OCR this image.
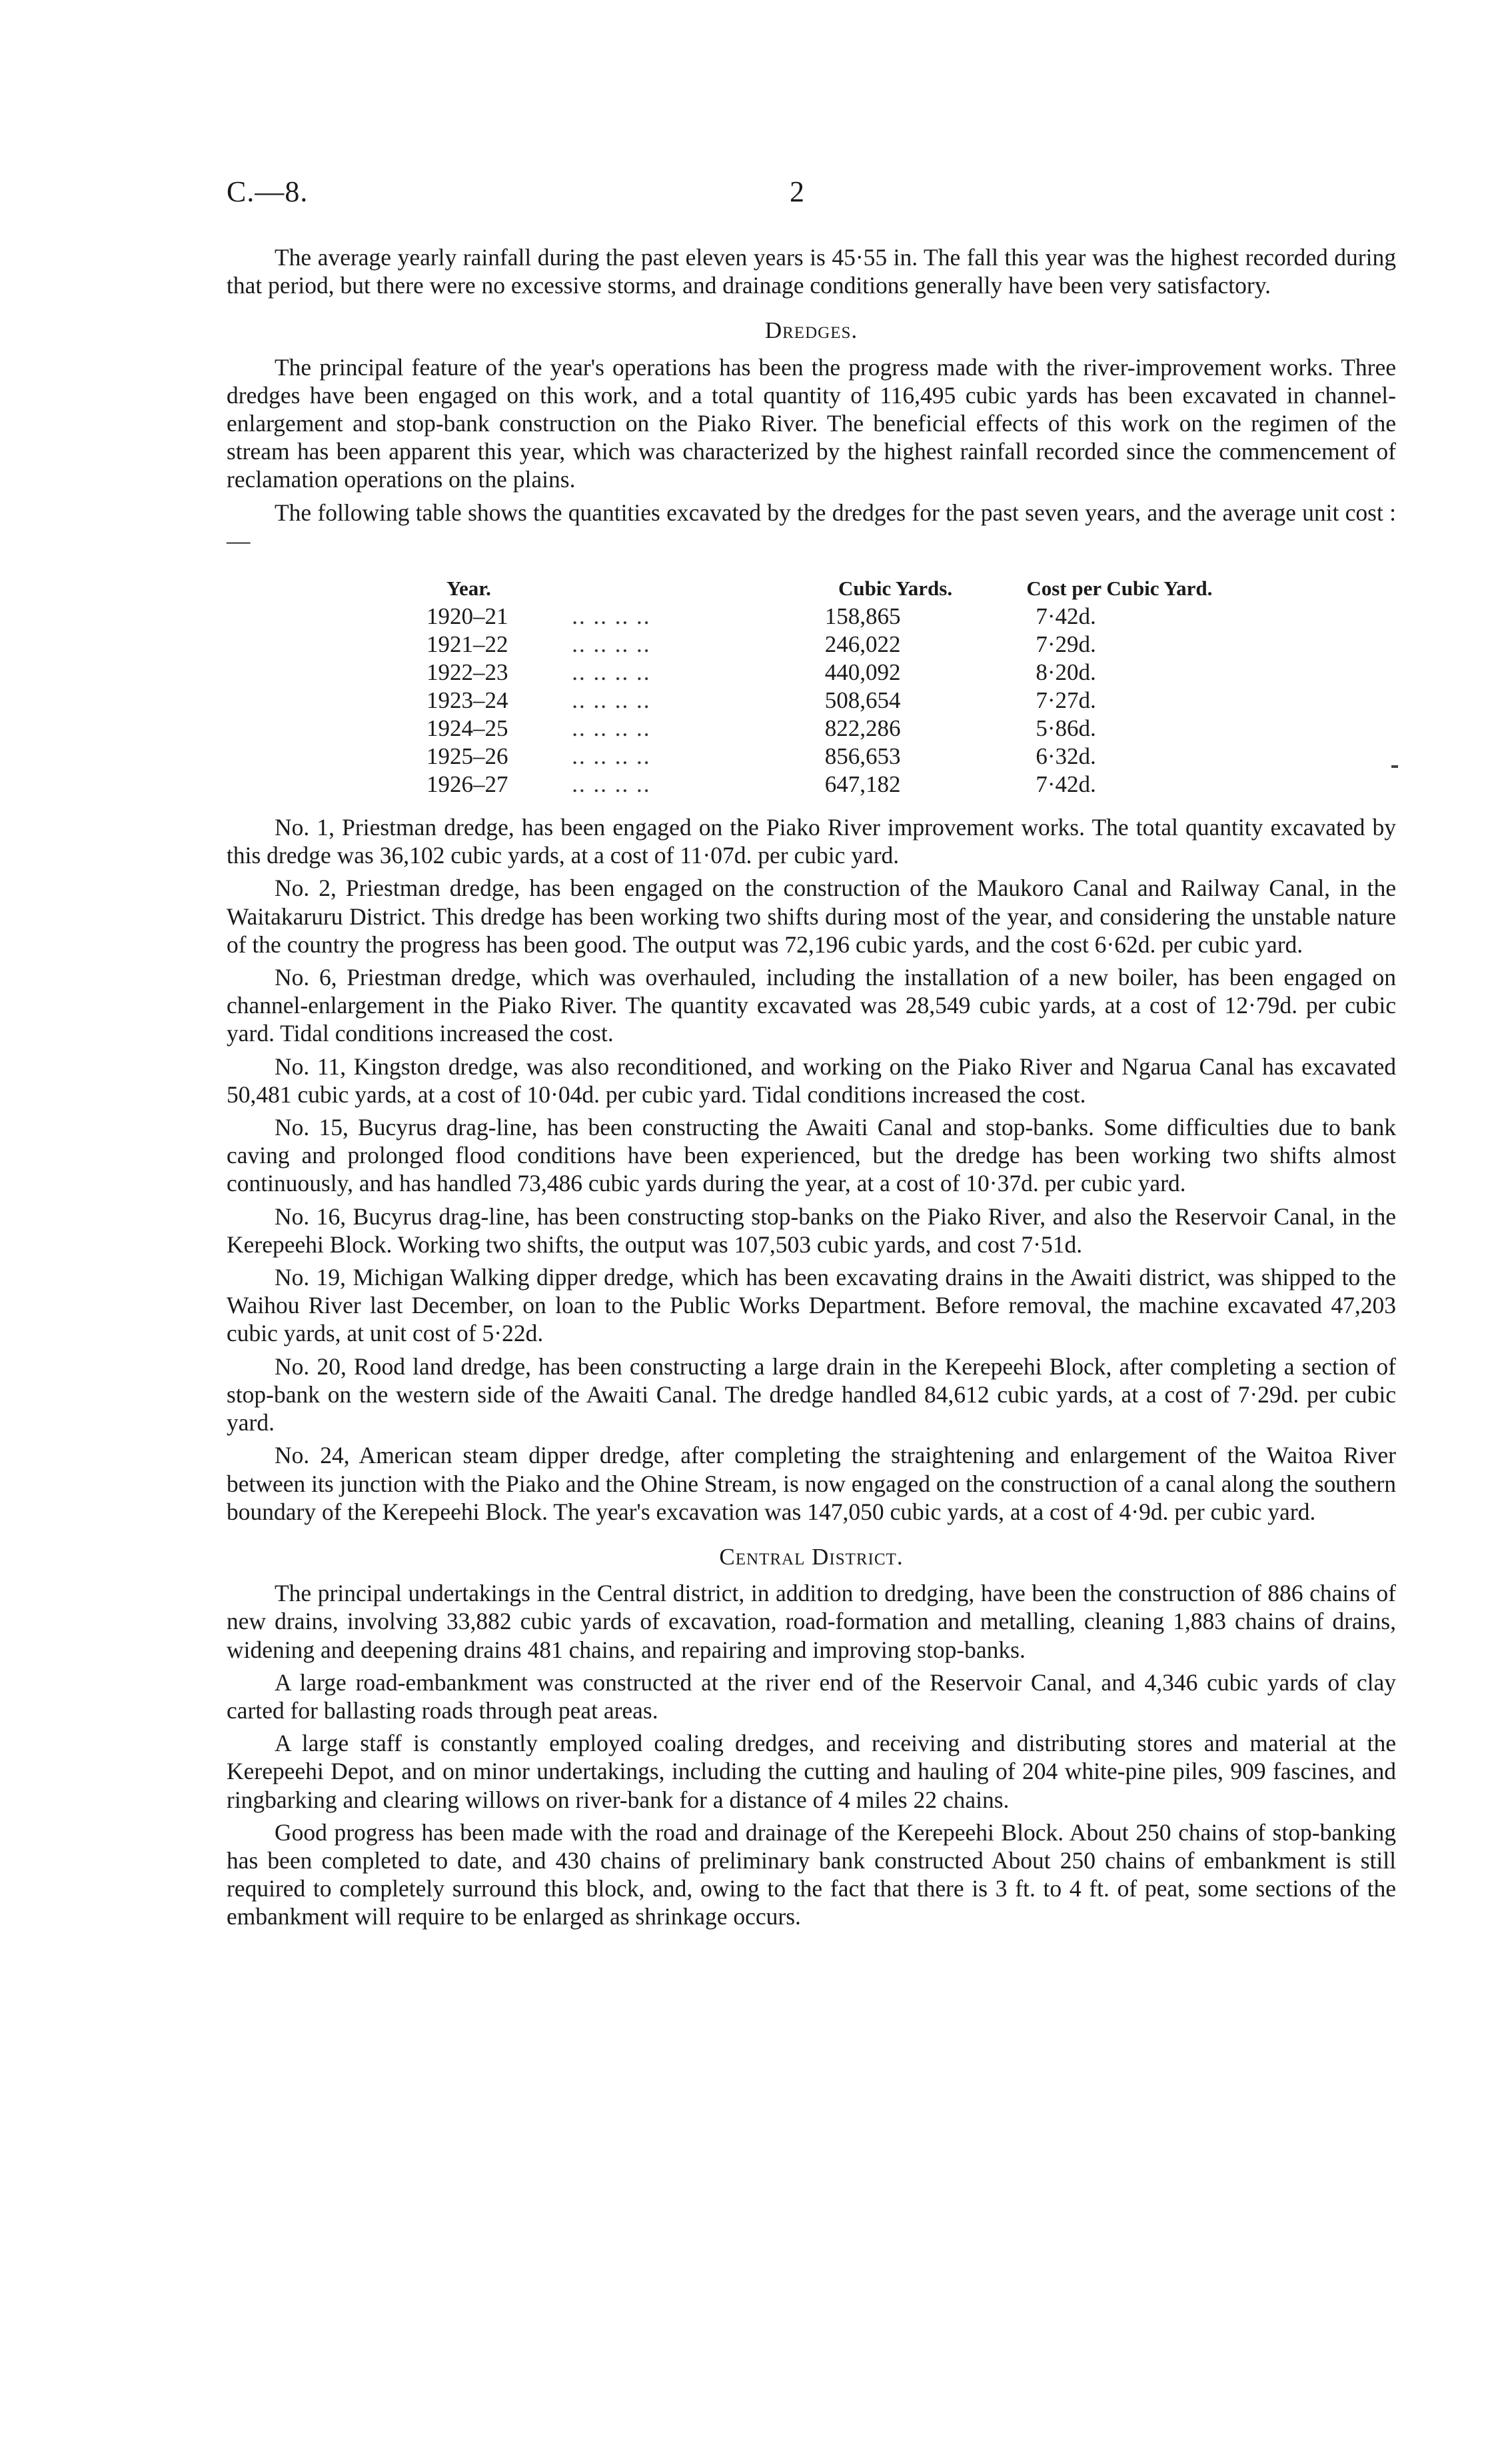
C.—8.	2

The average yearly rainfall during the past eleven years is 45·55 in. The fall this year was the highest recorded during that period, but there were no excessive storms, and drainage conditions generally have been very satisfactory.

Dredges.

The principal feature of the year's operations has been the progress made with the river-improvement works. Three dredges have been engaged on this work, and a total quantity of 116,495 cubic yards has been excavated in channel-enlargement and stop-bank construction on the Piako River. The beneficial effects of this work on the regimen of the stream has been apparent this year, which was characterized by the highest rainfall recorded since the commencement of reclamation operations on the plains.

The following table shows the quantities excavated by the dredges for the past seven years, and the average unit cost :—

Year.	Cubic Yards.	Cost per Cubic Yard.
1920–21	.. .. .. ..	158,865	7·42d.
1921–22	.. .. .. ..	246,022	7·29d.
1922–23	.. .. .. ..	440,092	8·20d.
1923–24	.. .. .. ..	508,654	7·27d.
1924–25	.. .. .. ..	822,286	5·86d.
1925–26	.. .. .. ..	856,653	6·32d.
1926–27	.. .. .. ..	647,182	7·42d.

No. 1, Priestman dredge, has been engaged on the Piako River improvement works. The total quantity excavated by this dredge was 36,102 cubic yards, at a cost of 11·07d. per cubic yard.

No. 2, Priestman dredge, has been engaged on the construction of the Maukoro Canal and Railway Canal, in the Waitakaruru District. This dredge has been working two shifts during most of the year, and considering the unstable nature of the country the progress has been good. The output was 72,196 cubic yards, and the cost 6·62d. per cubic yard.

No. 6, Priestman dredge, which was overhauled, including the installation of a new boiler, has been engaged on channel-enlargement in the Piako River. The quantity excavated was 28,549 cubic yards, at a cost of 12·79d. per cubic yard. Tidal conditions increased the cost.

No. 11, Kingston dredge, was also reconditioned, and working on the Piako River and Ngarua Canal has excavated 50,481 cubic yards, at a cost of 10·04d. per cubic yard. Tidal conditions increased the cost.

No. 15, Bucyrus drag-line, has been constructing the Awaiti Canal and stop-banks. Some difficulties due to bank caving and prolonged flood conditions have been experienced, but the dredge has been working two shifts almost continuously, and has handled 73,486 cubic yards during the year, at a cost of 10·37d. per cubic yard.

No. 16, Bucyrus drag-line, has been constructing stop-banks on the Piako River, and also the Reservoir Canal, in the Kerepeehi Block. Working two shifts, the output was 107,503 cubic yards, and cost 7·51d.

No. 19, Michigan Walking dipper dredge, which has been excavating drains in the Awaiti district, was shipped to the Waihou River last December, on loan to the Public Works Department. Before removal, the machine excavated 47,203 cubic yards, at unit cost of 5·22d.

No. 20, Rood land dredge, has been constructing a large drain in the Kerepeehi Block, after completing a section of stop-bank on the western side of the Awaiti Canal. The dredge handled 84,612 cubic yards, at a cost of 7·29d. per cubic yard.

No. 24, American steam dipper dredge, after completing the straightening and enlargement of the Waitoa River between its junction with the Piako and the Ohine Stream, is now engaged on the construction of a canal along the southern boundary of the Kerepeehi Block. The year's excavation was 147,050 cubic yards, at a cost of 4·9d. per cubic yard.

Central District.

The principal undertakings in the Central district, in addition to dredging, have been the construction of 886 chains of new drains, involving 33,882 cubic yards of excavation, road-formation and metalling, cleaning 1,883 chains of drains, widening and deepening drains 481 chains, and repairing and improving stop-banks.

A large road-embankment was constructed at the river end of the Reservoir Canal, and 4,346 cubic yards of clay carted for ballasting roads through peat areas.

A large staff is constantly employed coaling dredges, and receiving and distributing stores and material at the Kerepeehi Depot, and on minor undertakings, including the cutting and hauling of 204 white-pine piles, 909 fascines, and ringbarking and clearing willows on river-bank for a distance of 4 miles 22 chains.

Good progress has been made with the road and drainage of the Kerepeehi Block. About 250 chains of stop-banking has been completed to date, and 430 chains of preliminary bank constructed About 250 chains of embankment is still required to completely surround this block, and, owing to the fact that there is 3 ft. to 4 ft. of peat, some sections of the embankment will require to be enlarged as shrinkage occurs.
